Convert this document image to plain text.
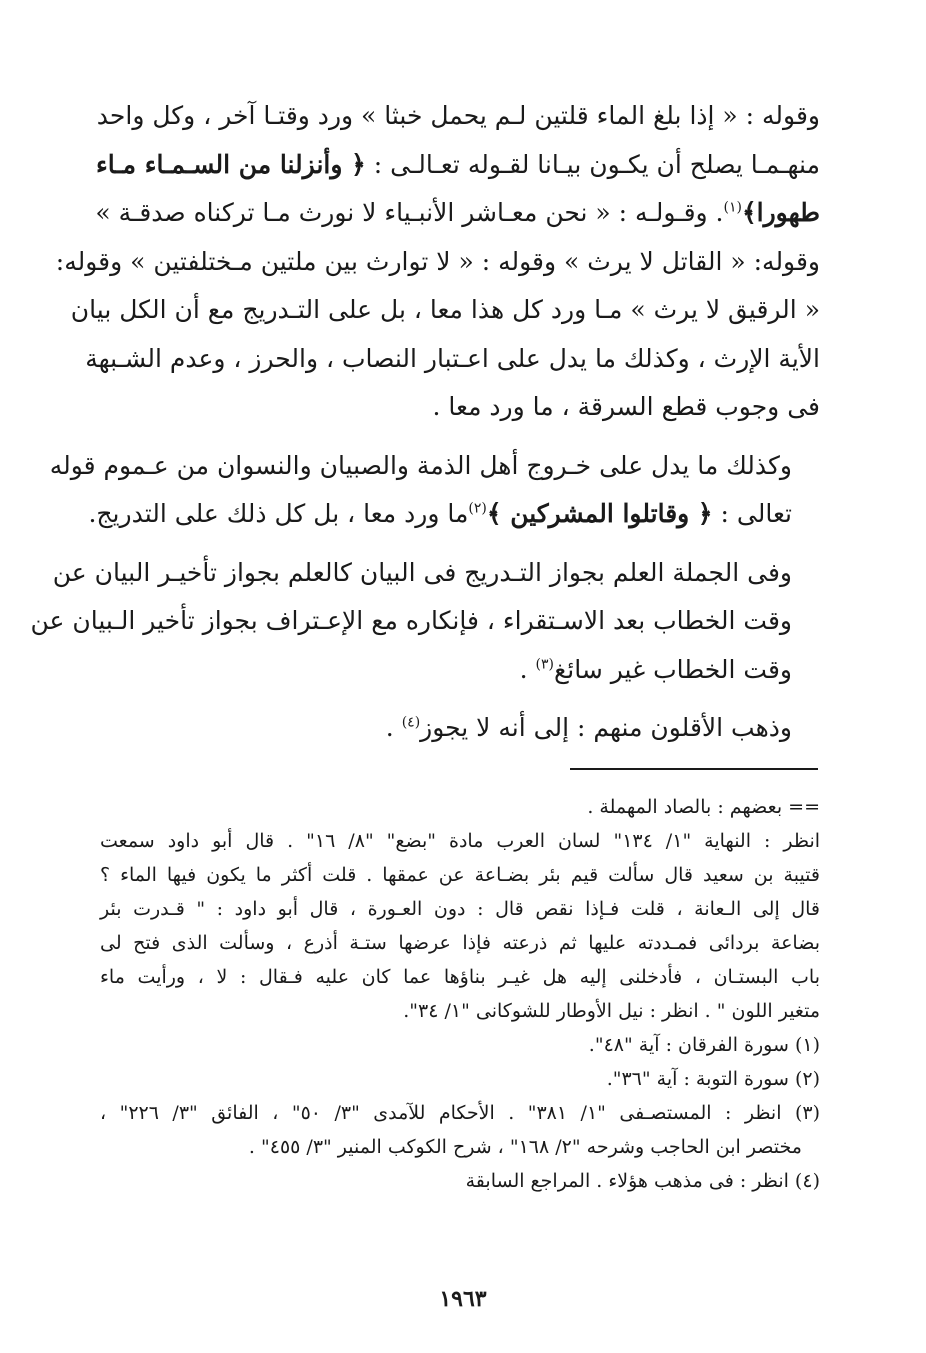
وقوله : « إذا بلغ الماء قلتين لـم يحمل خبثا » ورد وقتـا آخر ، وكل واحد
منهـمـا يصلح أن يكـون بيـانا لقـوله تعـالـى : ﴿ وأنزلنا من السـمـاء مـاء
طهورا﴾$^{(١)}$. وقـولـه : « نحن معـاشر الأنبـياء لا نورث مـا تركناه صدقـة »
وقوله: « القاتل لا يرث » وقوله : « لا توارث بين ملتين مـختلفتين » وقوله:
« الرقيق لا يرث » مـا ورد كل هذا معا ، بل على التـدريج مع أن الكل بيان
الأية الإرث ، وكذلك ما يدل على اعـتبار النصاب ، والحرز ، وعدم الشـبهة
فى وجوب قطع السرقة ، ما ورد معا .
وكذلك ما يدل على خـروج أهل الذمة والصبيان والنسوان من عـموم قوله
تعالى : ﴿ وقاتلوا المشركين ﴾$^{(٢)}$ما ورد معا ، بل كل ذلك على التدريج.
وفى الجملة العلم بجواز التـدريج فى البيان كالعلم بجواز تأخيـر البيان عن
وقت الخطاب بعد الاسـتقراء ، فإنكاره مع الإعـتراف بجواز تأخير الـبيان عن
وقت الخطاب غير سائغ$^{(٣)}$ .
وذهب الأقلون منهم : إلى أنه لا يجوز$^{(٤)}$ .
== بعضهم : بالصاد المهملة .
انظر : النهاية "١/ ١٣٤" لسان العرب مادة "بضع" "٨/ ١٦" . قال أبو داود سمعت
قتيبة بن سعيد قال سألت قيم بئر بضـاعة عن عمقها . قلت أكثر ما يكون فيها الماء ؟
قال إلى الـعانة ، قلت فـإذا نقص قال : دون العـورة ، قال أبو داود : " قـدرت بئر
بضاعة بردائى فمـددته عليها ثم ذرعته فإذا عرضها ستـة أذرع ، وسألت الذى فتح لى
باب البستـان ، فأدخلنى إليه هل غيـر بناؤها عما كان عليه فـقال : لا ، ورأيت ماء
متغير اللون " . انظر : نيل الأوطار للشوكانى "١/ ٣٤".
(١) سورة الفرقان : آية "٤٨".
(٢) سورة التوبة : آية "٣٦".
(٣) انظر : المستصـفى "١/ ٣٨١" . الأحكام للآمدى "٣/ ٥٠" ، الفائق "٣/ ٢٢٦" ،
مختصر ابن الحاجب وشرحه "٢/ ١٦٨" ، شرح الكوكب المنير "٣/ ٤٥٥" .
(٤) انظر : فى مذهب هؤلاء . المراجع السابقة
١٩٦٣
